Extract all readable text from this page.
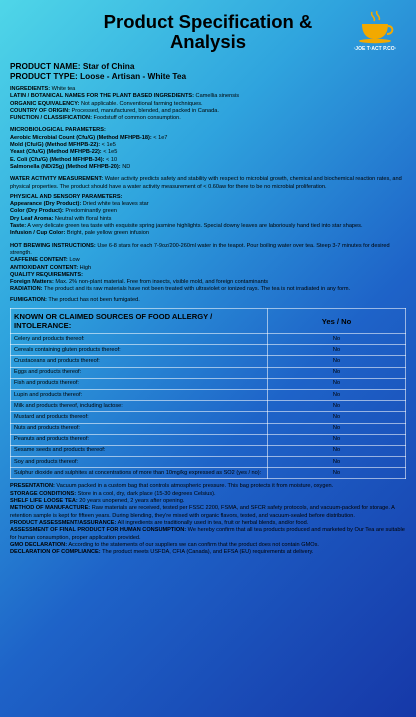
Product Specification &
Analysis	·JOE T·ACT P.CO·
PRODUCT NAME: Star of China
PRODUCT TYPE: Loose - Artisan - White Tea
INGREDIENTS: White tea
LATIN / BOTANICAL NAMES FOR THE PLANT BASED INGREDIENTS: Camellia sinensis
ORGANIC EQUIVALENCY: Not applicable. Conventional farming techniques.
COUNTRY OF ORIGIN: Processed, manufactured, blended, and packed in Canada.
FUNCTION / CLASSIFICATION: Foodstuff of common consumption.
MICROBIOLOGICAL PARAMETERS:
Aerobic Microbial Count (Cfu/G) (Method MFHPB-18): < 1e7
Mold (Cfu/G) (Method MFHPB-22): < 1e5
Yeast (Cfu/G) (Method MFHPB-22): < 1e5
E. Coli (Cfu/G) (Method MFHPB-34): < 10
Salmonella (ND/25g) (Method MFHPB-20): ND
WATER ACTIVITY MEASUREMENT: Water activity predicts safety and stability with respect to microbial growth, chemical and biochemical reaction rates, and physical properties. The product should have a water activity measurement of < 0.60aw for there to be no microbial proliferation.
PHYSICAL AND SENSORY PARAMETERS:
Appearance (Dry Product): Dried white tea leaves star
Color (Dry Product): Predominantly green
Dry Leaf Aroma: Neutral with floral hints
Taste: A very delicate green tea taste with exquisite spring jasmine highlights. Special downy leaves are laboriously hand tied into star shapes.
Infusion / Cup Color: Bright, pale yellow green infusion
HOT BREWING INSTRUCTIONS: Use 6-8 stars for each 7-9oz/200-260ml water in the teapot. Pour boiling water over tea. Steep 3-7 minutes for desired strength.
CAFFEINE CONTENT: Low
ANTIOXIDANT CONTENT: High
QUALITY REQUIREMENTS:
Foreign Matters: Max. 2% non-plant material. Free from insects, visible mold, and foreign contaminants
RADIATION: The product and its raw materials have not been treated with ultraviolet or ionized rays. The tea is not irradiated in any form.
FUMIGATION: The product has not been fumigated.
KNOWN OR CLAIMED SOURCES OF FOOD ALLERGY / INTOLERANCE:	Yes / No
Celery and products thereof:	No
Cereals containing gluten products thereof:	No
Crustaceans and products thereof:	No
Eggs and products thereof:	No
Fish and products thereof:	No
Lupin and products thereof:	No
Milk and products thereof, including lactose:	No
Mustard and products thereof:	No
Nuts and products thereof:	No
Peanuts and products thereof:	No
Sesame seeds and products thereof:	No
Soy and products thereof:	No
Sulphur dioxide and sulphites at concentrations of more than 10mg/kg expressed as SO2 (yes / no):	No
PRESENTATION: Vacuum packed in a custom bag that controls atmospheric pressure. This bag protects it from moisture, oxygen.
STORAGE CONDITIONS: Store in a cool, dry, dark place (15-30 degrees Celsius).
SHELF LIFE LOOSE TEA: 20 years unopened, 2 years after opening.
METHOD OF MANUFACTURE: Raw materials are received, tested per FSSC 2200, FSMA, and SFCR safety protocols, and vacuum-packed for storage. A retention sample is kept for fifteen years. During blending, they're mixed with organic flavors, tested, and vacuum-sealed before distribution.
PRODUCT ASSESSMENT/ASSURANCE: All ingredients are traditionally used in tea, fruit or herbal blends, and/or food.
ASSESSMENT OF FINAL PRODUCT FOR HUMAN CONSUMPTION: We hereby confirm that all tea products produced and marketed by Our Tea are suitable for human consumption, proper application provided.
GMO DECLARATION: According to the statements of our suppliers we can confirm that the product does not contain GMOs.
DECLARATION OF COMPLIANCE: The product meets USFDA, CFIA (Canada), and EFSA (EU) requirements at delivery.
